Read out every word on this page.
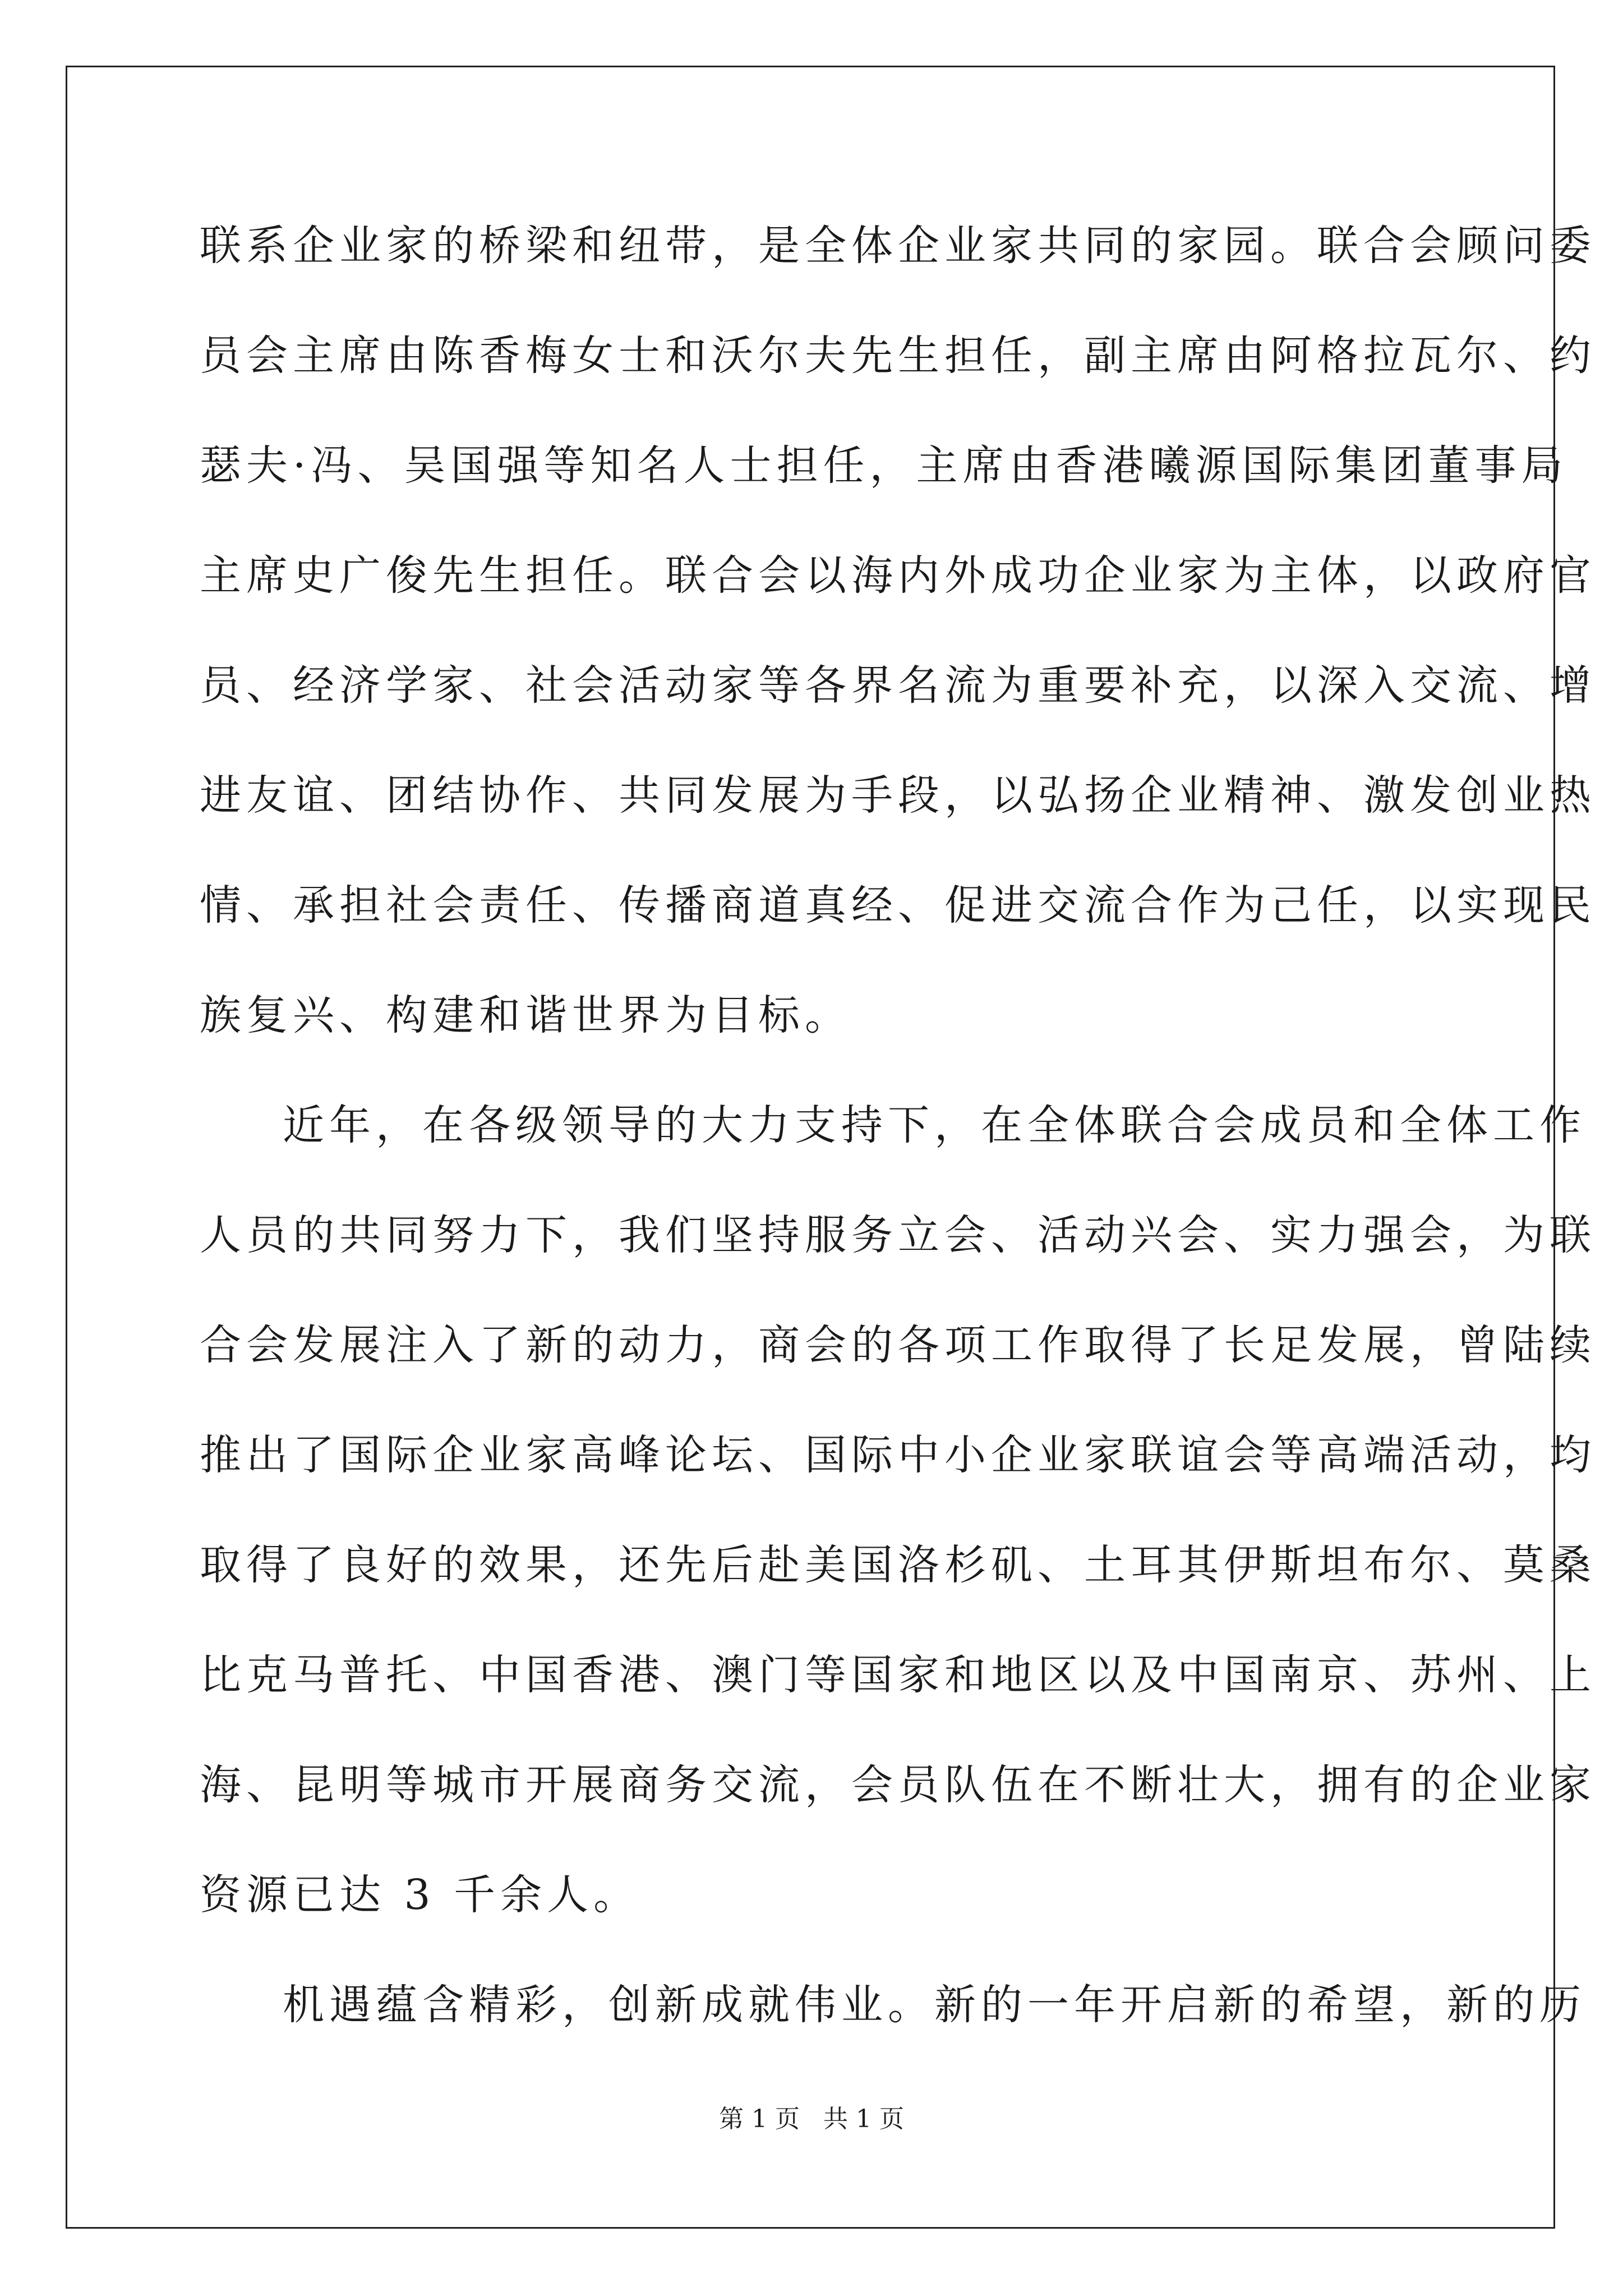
联系企业家的桥梁和纽带，是全体企业家共同的家园。联合会顾问委
员会主席由陈香梅女士和沃尔夫先生担任，副主席由阿格拉瓦尔、约
瑟夫·冯、吴国强等知名人士担任，主席由香港曦源国际集团董事局
主席史广俊先生担任。联合会以海内外成功企业家为主体，以政府官
员、经济学家、社会活动家等各界名流为重要补充，以深入交流、增
进友谊、团结协作、共同发展为手段，以弘扬企业精神、激发创业热
情、承担社会责任、传播商道真经、促进交流合作为己任，以实现民
族复兴、构建和谐世界为目标。

近年，在各级领导的大力支持下，在全体联合会成员和全体工作
人员的共同努力下，我们坚持服务立会、活动兴会、实力强会，为联
合会发展注入了新的动力，商会的各项工作取得了长足发展，曾陆续
推出了国际企业家高峰论坛、国际中小企业家联谊会等高端活动，均
取得了良好的效果，还先后赴美国洛杉矶、土耳其伊斯坦布尔、莫桑
比克马普托、中国香港、澳门等国家和地区以及中国南京、苏州、上
海、昆明等城市开展商务交流，会员队伍在不断壮大，拥有的企业家
资源已达 3 千余人。

机遇蕴含精彩，创新成就伟业。新的一年开启新的希望，新的历

第 1 页 共 1 页
